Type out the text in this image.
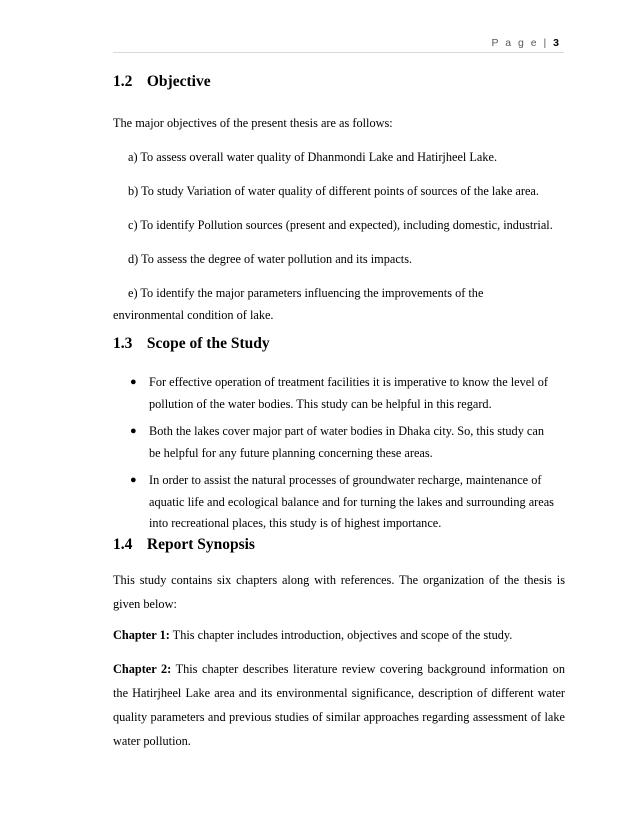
P a g e | 3
1.2 Objective
The major objectives of the present thesis are as follows:
a) To assess overall water quality of Dhanmondi Lake and Hatirjheel Lake.
b) To study Variation of water quality of different points of sources of the lake area.
c) To identify Pollution sources (present and expected), including domestic, industrial.
d) To assess the degree of water pollution and its impacts.
e) To identify the major parameters influencing the improvements of the
environmental condition of lake.
1.3 Scope of the Study
● For effective operation of treatment facilities it is imperative to know the level of
pollution of the water bodies. This study can be helpful in this regard.
● Both the lakes cover major part of water bodies in Dhaka city. So, this study can
be helpful for any future planning concerning these areas.
● In order to assist the natural processes of groundwater recharge, maintenance of
aquatic life and ecological balance and for turning the lakes and surrounding areas
into recreational places, this study is of highest importance.
1.4 Report Synopsis
This study contains six chapters along with references. The organization of the thesis is
given below:
Chapter 1: This chapter includes introduction, objectives and scope of the study.
Chapter 2: This chapter describes literature review covering background information on
the Hatirjheel Lake area and its environmental significance, description of different water
quality parameters and previous studies of similar approaches regarding assessment of lake
water pollution.
